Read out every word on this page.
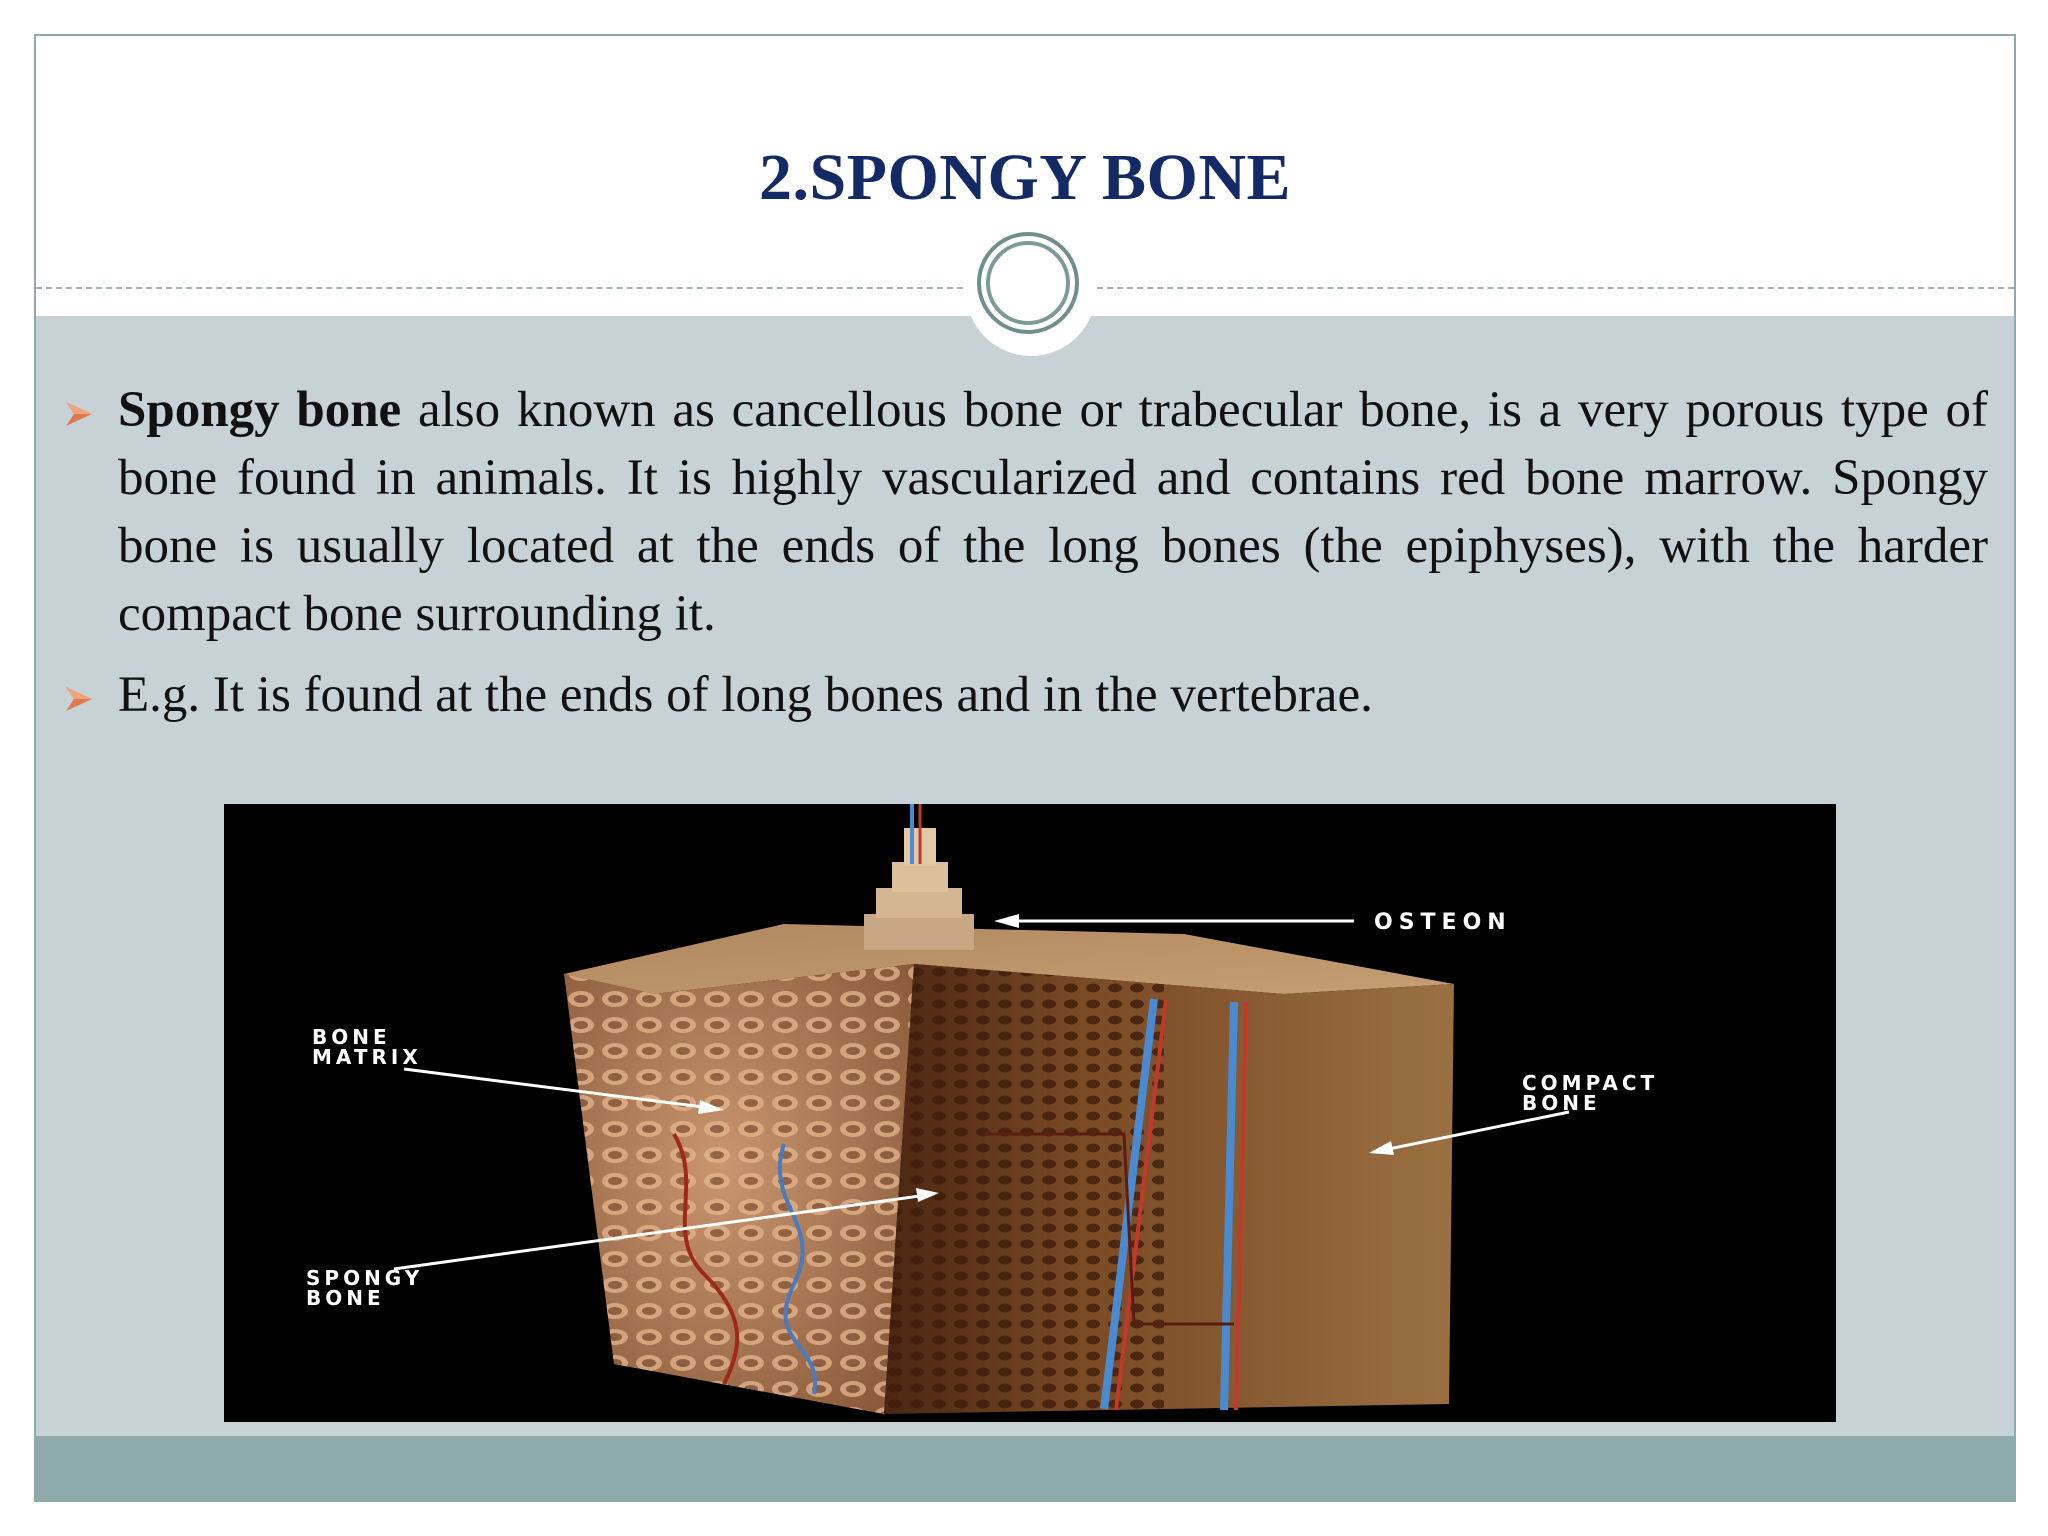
2.SPONGY BONE
Spongy bone also known as cancellous bone or trabecular bone, is a very porous type of bone found in animals. It is highly vascularized and contains red bone marrow. Spongy bone is usually located at the ends of the long bones (the epiphyses), with the harder compact bone surrounding it.
E.g. It is found at the ends of long bones and in the vertebrae.
OSTEON
BONE
MATRIX
COMPACT
BONE
SPONGY
BONE
